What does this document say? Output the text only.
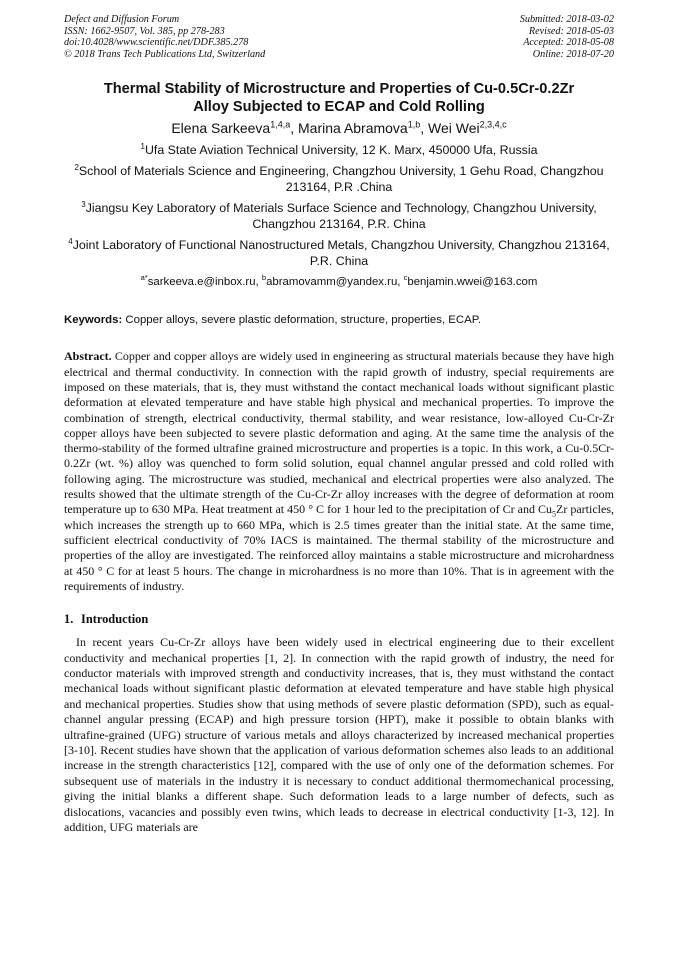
Defect and Diffusion Forum
ISSN: 1662-9507, Vol. 385, pp 278-283
doi:10.4028/www.scientific.net/DDF.385.278
© 2018 Trans Tech Publications Ltd, Switzerland
Submitted: 2018-03-02
Revised: 2018-05-03
Accepted: 2018-05-08
Online: 2018-07-20
Thermal Stability of Microstructure and Properties of Cu-0.5Cr-0.2Zr
Alloy Subjected to ECAP and Cold Rolling
Elena Sarkeeva$^{1,4,a}$, Marina Abramova$^{1,b}$, Wei Wei$^{2,3,4,c}$
$^1$Ufa State Aviation Technical University, 12 K. Marx, 450000 Ufa, Russia
$^2$School of Materials Science and Engineering, Changzhou University, 1 Gehu Road, Changzhou 213164, P.R .China
$^3$Jiangsu Key Laboratory of Materials Surface Science and Technology, Changzhou University, Changzhou 213164, P.R. China
$^4$Joint Laboratory of Functional Nanostructured Metals, Changzhou University, Changzhou 213164, P.R. China
$^{a*}$sarkeeva.e@inbox.ru, $^b$abramovamm@yandex.ru, $^c$benjamin.wwei@163.com
Keywords: Copper alloys, severe plastic deformation, structure, properties, ECAP.
Abstract. Copper and copper alloys are widely used in engineering as structural materials because they have high electrical and thermal conductivity. In connection with the rapid growth of industry, special requirements are imposed on these materials, that is, they must withstand the contact mechanical loads without significant plastic deformation at elevated temperature and have stable high physical and mechanical properties. To improve the combination of strength, electrical conductivity, thermal stability, and wear resistance, low-alloyed Cu-Cr-Zr copper alloys have been subjected to severe plastic deformation and aging. At the same time the analysis of the thermo-stability of the formed ultrafine grained microstructure and properties is a topic. In this work, a Cu-0.5Cr-0.2Zr (wt. %) alloy was quenched to form solid solution, equal channel angular pressed and cold rolled with following aging. The microstructure was studied, mechanical and electrical properties were also analyzed. The results showed that the ultimate strength of the Cu-Cr-Zr alloy increases with the degree of deformation at room temperature up to 630 MPa. Heat treatment at 450 ° C for 1 hour led to the precipitation of Cr and $Cu_5Zr$ particles, which increases the strength up to 660 MPa, which is 2.5 times greater than the initial state. At the same time, sufficient electrical conductivity of 70% IACS is maintained. The thermal stability of the microstructure and properties of the alloy are investigated. The reinforced alloy maintains a stable microstructure and microhardness at 450 ° C for at least 5 hours. The change in microhardness is no more than 10%. That is in agreement with the requirements of industry.
1. Introduction
In recent years Cu-Cr-Zr alloys have been widely used in electrical engineering due to their excellent conductivity and mechanical properties [1, 2]. In connection with the rapid growth of industry, the need for conductor materials with improved strength and conductivity increases, that is, they must withstand the contact mechanical loads without significant plastic deformation at elevated temperature and have stable high physical and mechanical properties. Studies show that using methods of severe plastic deformation (SPD), such as equal-channel angular pressing (ECAP) and high pressure torsion (HPT), make it possible to obtain blanks with ultrafine-grained (UFG) structure of various metals and alloys characterized by increased mechanical properties [3-10]. Recent studies have shown that the application of various deformation schemes also leads to an additional increase in the strength characteristics [12], compared with the use of only one of the deformation schemes. For subsequent use of materials in the industry it is necessary to conduct additional thermomechanical processing, giving the initial blanks a different shape. Such deformation leads to a large number of defects, such as dislocations, vacancies and possibly even twins, which leads to decrease in electrical conductivity [1-3, 12]. In addition, UFG materials are
